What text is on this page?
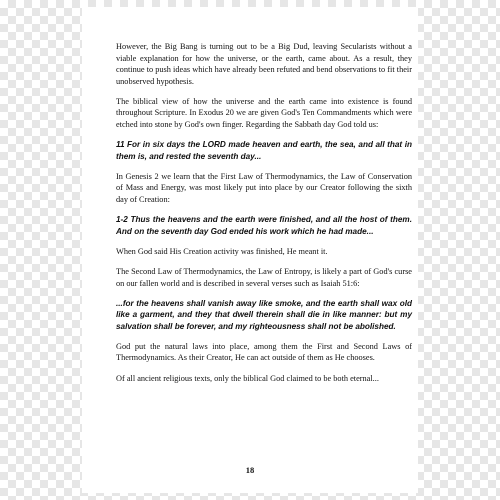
However, the Big Bang is turning out to be a Big Dud, leaving Secularists without a viable explanation for how the universe, or the earth, came about. As a result, they continue to push ideas which have already been refuted and bend observations to fit their unobserved hypothesis.

The biblical view of how the universe and the earth came into existence is found throughout Scripture. In Exodus 20 we are given God's Ten Commandments which were etched into stone by God's own finger. Regarding the Sabbath day God told us:

11 For in six days the LORD made heaven and earth, the sea, and all that in them is, and rested the seventh day...

In Genesis 2 we learn that the First Law of Thermodynamics, the Law of Conservation of Mass and Energy, was most likely put into place by our Creator following the sixth day of Creation:

1-2 Thus the heavens and the earth were finished, and all the host of them. And on the seventh day God ended his work which he had made...

When God said His Creation activity was finished, He meant it.

The Second Law of Thermodynamics, the Law of Entropy, is likely a part of God's curse on our fallen world and is described in several verses such as Isaiah 51:6:

...for the heavens shall vanish away like smoke, and the earth shall wax old like a garment, and they that dwell therein shall die in like manner: but my salvation shall be forever, and my righteousness shall not be abolished.

God put the natural laws into place, among them the First and Second Laws of Thermodynamics. As their Creator, He can act outside of them as He chooses.

Of all ancient religious texts, only the biblical God claimed to be both eternal...

18
